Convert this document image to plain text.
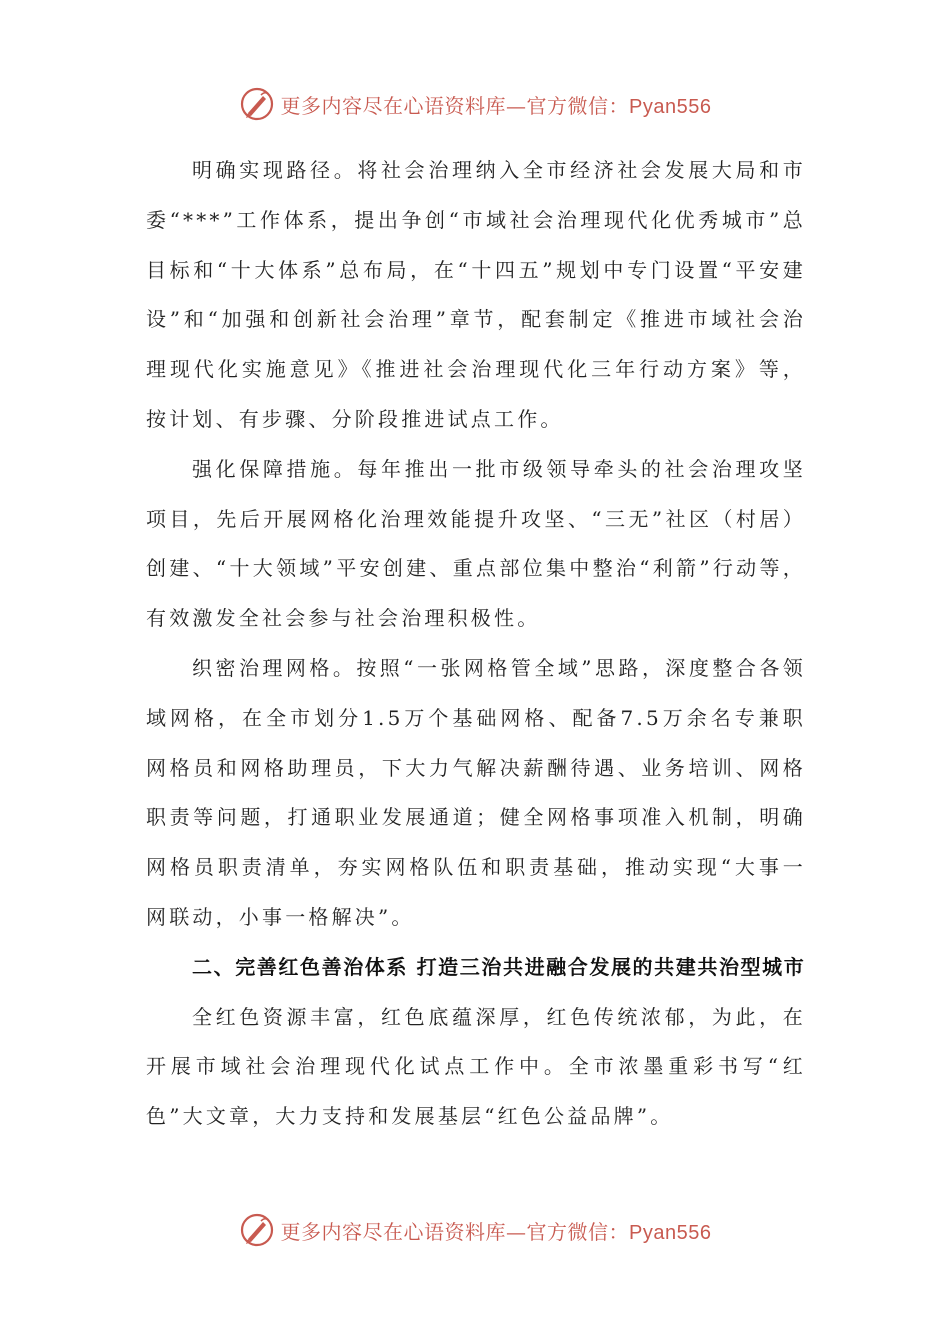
更多内容尽在心语资料库—官方微信：Pyan556

明确实现路径。将社会治理纳入全市经济社会发展大局和市委“***”工作体系，提出争创“市域社会治理现代化优秀城市”总目标和“十大体系”总布局，在“十四五”规划中专门设置“平安建设”和“加强和创新社会治理”章节，配套制定《推进市域社会治理现代化实施意见》《推进社会治理现代化三年行动方案》等，按计划、有步骤、分阶段推进试点工作。

强化保障措施。每年推出一批市级领导牵头的社会治理攻坚项目，先后开展网格化治理效能提升攻坚、“三无”社区（村居）创建、“十大领域”平安创建、重点部位集中整治“利箭”行动等，有效激发全社会参与社会治理积极性。

织密治理网格。按照“一张网格管全域”思路，深度整合各领域网格，在全市划分1.5万个基础网格、配备7.5万余名专兼职网格员和网格助理员，下大力气解决薪酬待遇、业务培训、网格职责等问题，打通职业发展通道；健全网格事项准入机制，明确网格员职责清单，夯实网格队伍和职责基础，推动实现“大事一网联动，小事一格解决”。

二、完善红色善治体系 打造三治共进融合发展的共建共治型城市

全红色资源丰富，红色底蕴深厚，红色传统浓郁，为此，在开展市域社会治理现代化试点工作中。全市浓墨重彩书写“红色”大文章，大力支持和发展基层“红色公益品牌”。

更多内容尽在心语资料库—官方微信：Pyan556
